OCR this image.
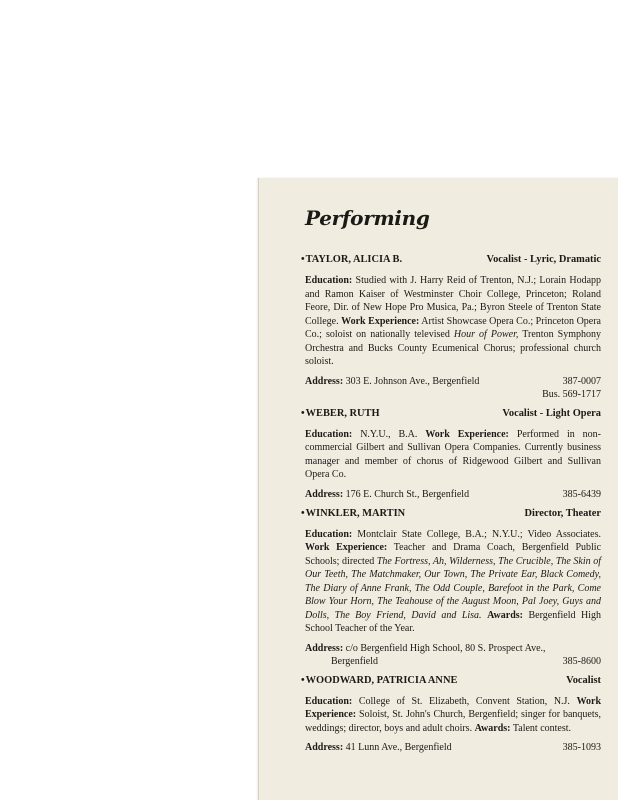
Performing
• TAYLOR, ALICIA B.	Vocalist - Lyric, Dramatic

Education: Studied with J. Harry Reid of Trenton, N.J.; Lorain Hodapp and Ramon Kaiser of Westminster Choir College, Princeton; Roland Feore, Dir. of New Hope Pro Musica, Pa.; Byron Steele of Trenton State College. Work Experience: Artist Showcase Opera Co.; Princeton Opera Co.; soloist on nationally televised Hour of Power, Trenton Symphony Orchestra and Bucks County Ecumenical Chorus; professional church soloist.

Address: 303 E. Johnson Ave., Bergenfield	387-0007
Bus. 569-1717
• WEBER, RUTH	Vocalist - Light Opera

Education: N.Y.U., B.A. Work Experience: Performed in non-commercial Gilbert and Sullivan Opera Companies. Currently business manager and member of chorus of Ridgewood Gilbert and Sullivan Opera Co.

Address: 176 E. Church St., Bergenfield	385-6439
• WINKLER, MARTIN	Director, Theater

Education: Montclair State College, B.A.; N.Y.U.; Video Associates. Work Experience: Teacher and Drama Coach, Bergenfield Public Schools; directed The Fortress, Ah, Wilderness, The Crucible, The Skin of Our Teeth, The Matchmaker, Our Town, The Private Ear, Black Comedy, The Diary of Anne Frank, The Odd Couple, Barefoot in the Park, Come Blow Your Horn, The Teahouse of the August Moon, Pal Joey, Guys and Dolls, The Boy Friend, David and Lisa. Awards: Bergenfield High School Teacher of the Year.

Address: c/o Bergenfield High School, 80 S. Prospect Ave.,
Bergenfield	385-8600
• WOODWARD, PATRICIA ANNE	Vocalist

Education: College of St. Elizabeth, Convent Station, N.J. Work Experience: Soloist, St. John's Church, Bergenfield; singer for banquets, weddings; director, boys and adult choirs. Awards: Talent contest.

Address: 41 Lunn Ave., Bergenfield	385-1093
